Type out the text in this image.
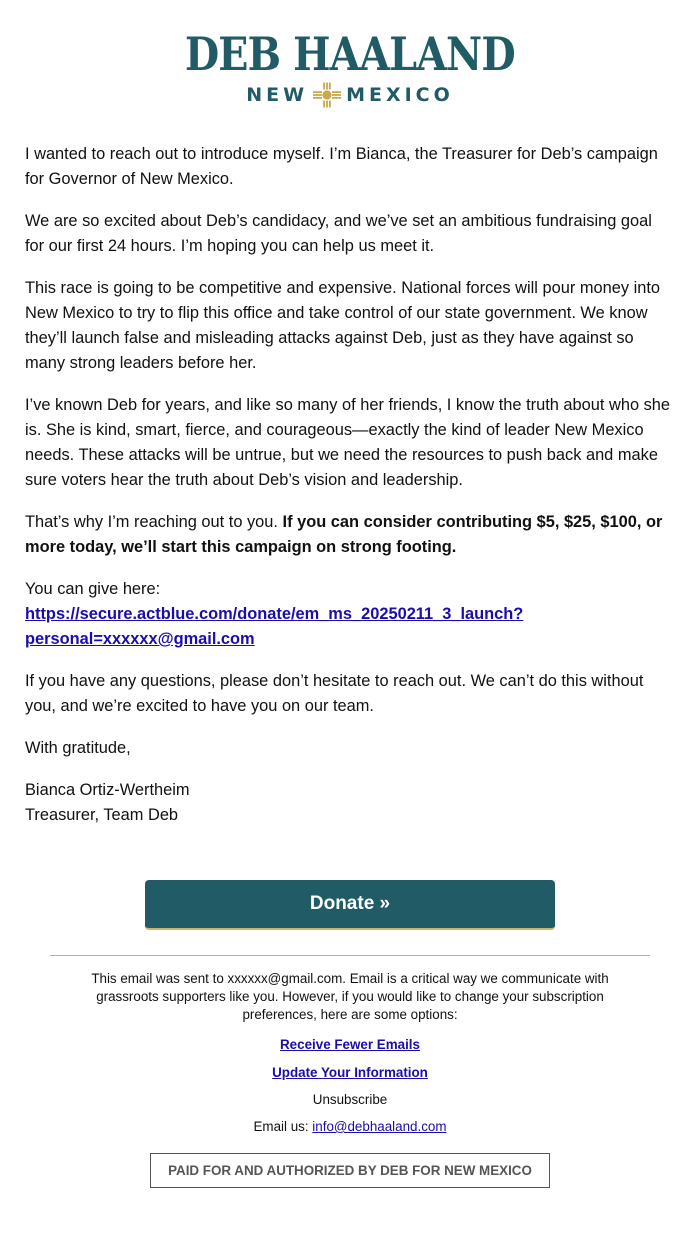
DEB HAALAND
NEW MEXICO

I wanted to reach out to introduce myself. I’m Bianca, the Treasurer for Deb’s campaign for Governor of New Mexico.

We are so excited about Deb’s candidacy, and we’ve set an ambitious fundraising goal for our first 24 hours. I’m hoping you can help us meet it.

This race is going to be competitive and expensive. National forces will pour money into New Mexico to try to flip this office and take control of our state government. We know they’ll launch false and misleading attacks against Deb, just as they have against so many strong leaders before her.

I’ve known Deb for years, and like so many of her friends, I know the truth about who she is. She is kind, smart, fierce, and courageous—exactly the kind of leader New Mexico needs. These attacks will be untrue, but we need the resources to push back and make sure voters hear the truth about Deb’s vision and leadership.

That’s why I’m reaching out to you. If you can consider contributing $5, $25, $100, or more today, we’ll start this campaign on strong footing.

You can give here:
https://secure.actblue.com/donate/em_ms_20250211_3_launch?
personal=xxxxxx@gmail.com

If you have any questions, please don’t hesitate to reach out. We can’t do this without you, and we’re excited to have you on our team.

With gratitude,

Bianca Ortiz-Wertheim
Treasurer, Team Deb

Donate »

This email was sent to xxxxxx@gmail.com. Email is a critical way we communicate with grassroots supporters like you. However, if you would like to change your subscription preferences, here are some options:

Receive Fewer Emails

Update Your Information

Unsubscribe

Email us: info@debhaaland.com

PAID FOR AND AUTHORIZED BY DEB FOR NEW MEXICO
